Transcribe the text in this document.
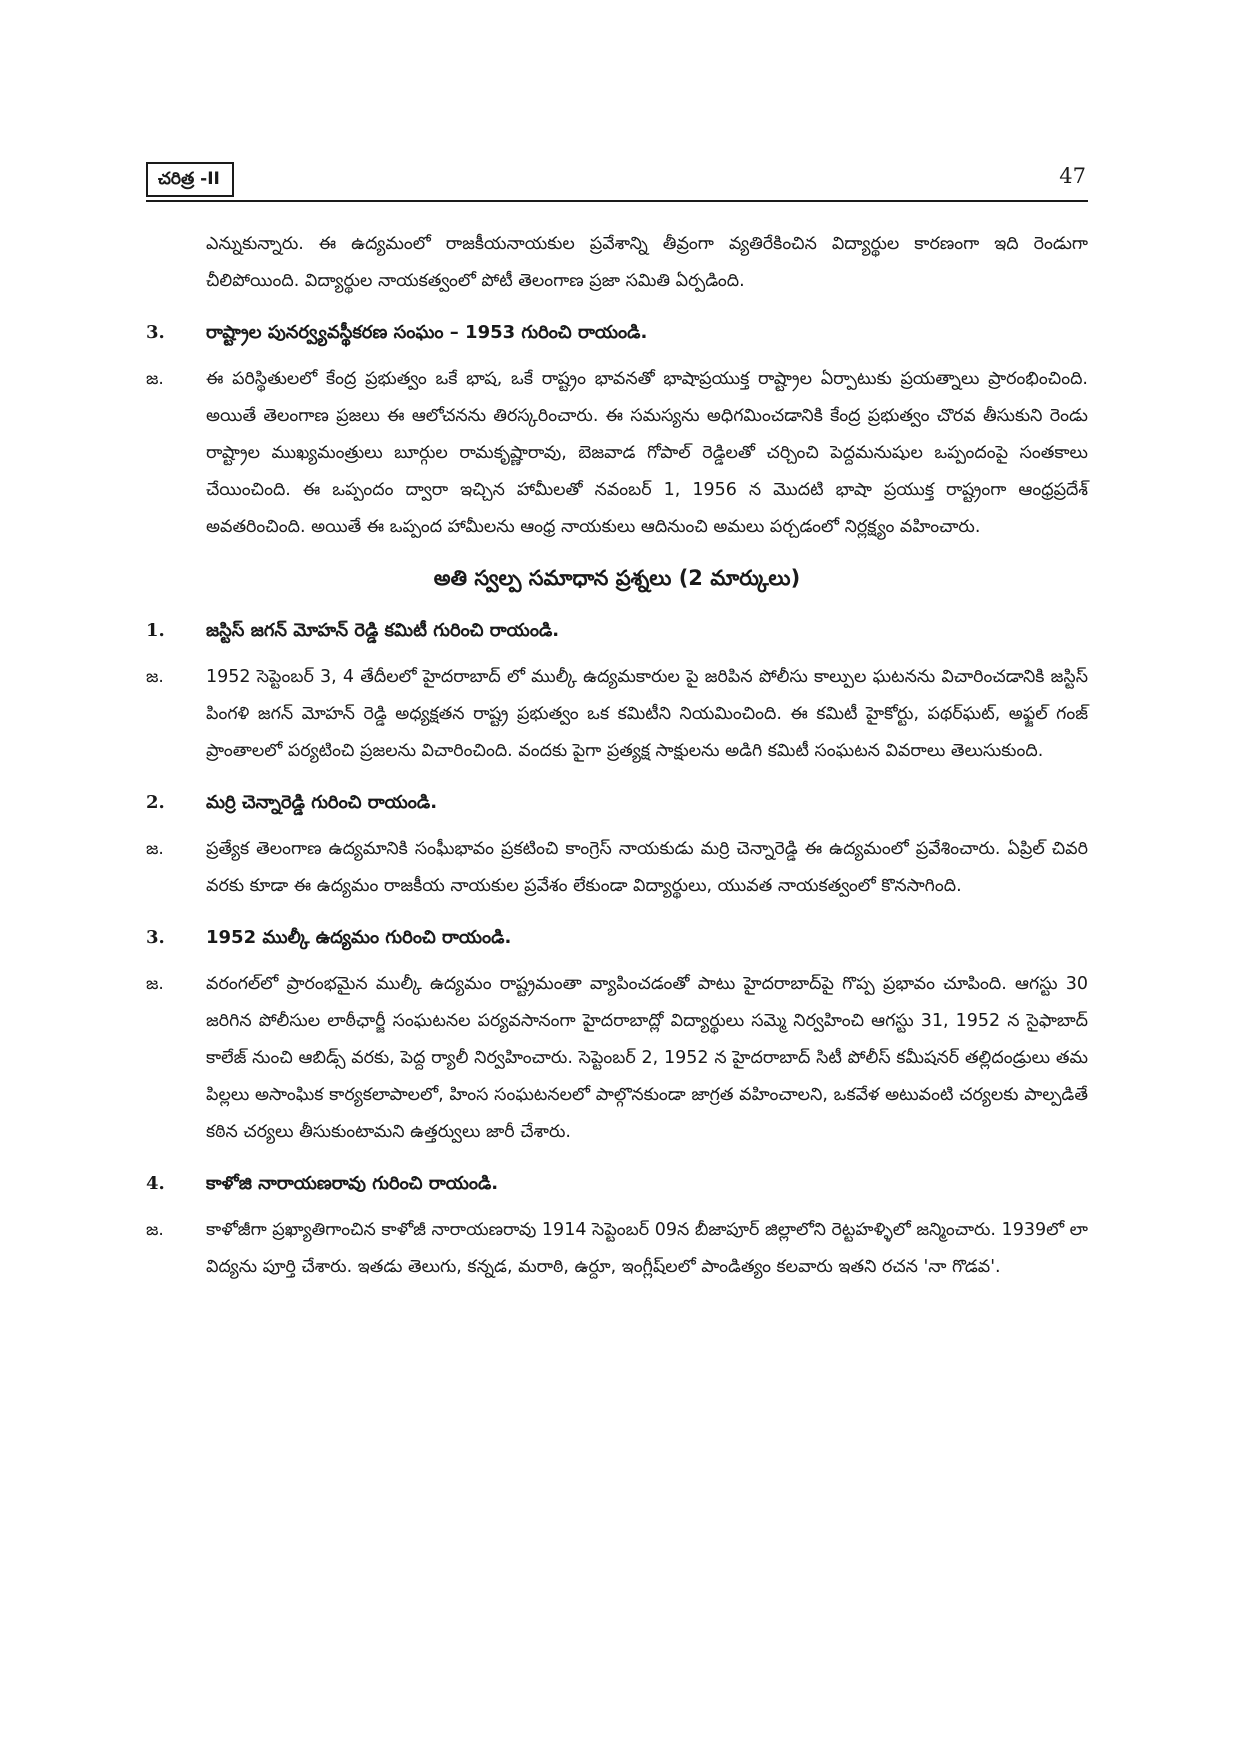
చరిత్ర -II	47

ఎన్నుకున్నారు. ఈ ఉద్యమంలో రాజకీయనాయకుల ప్రవేశాన్ని తీవ్రంగా వ్యతిరేకించిన విద్యార్థుల కారణంగా ఇది రెండుగా చీలిపోయింది. విద్యార్థుల నాయకత్వంలో పోటీ తెలంగాణ ప్రజా సమితి ఏర్పడింది.

3. రాష్ట్రాల పునర్వ్యవస్థీకరణ సంఘం – 1953 గురించి రాయండి.
జ. ఈ పరిస్థితులలో కేంద్ర ప్రభుత్వం ఒకే భాష, ఒకే రాష్ట్రం భావనతో భాషాప్రయుక్త రాష్ట్రాల ఏర్పాటుకు ప్రయత్నాలు ప్రారంభించింది. అయితే తెలంగాణ ప్రజలు ఈ ఆలోచనను తిరస్కరించారు. ఈ సమస్యను అధిగమించడానికి కేంద్ర ప్రభుత్వం చొరవ తీసుకుని రెండు రాష్ట్రాల ముఖ్యమంత్రులు బూర్గుల రామకృష్ణారావు, బెజవాడ గోపాల్ రెడ్డిలతో చర్చించి పెద్దమనుషుల ఒప్పందంపై సంతకాలు చేయించింది. ఈ ఒప్పందం ద్వారా ఇచ్చిన హామీలతో నవంబర్ 1, 1956 న మొదటి భాషా ప్రయుక్త రాష్ట్రంగా ఆంధ్రప్రదేశ్ అవతరించింది. అయితే ఈ ఒప్పంద హామీలను ఆంధ్ర నాయకులు ఆదినుంచి అమలు పర్చడంలో నిర్లక్ష్యం వహించారు.
అతి స్వల్ప సమాధాన ప్రశ్నలు (2 మార్కులు)
1. జస్టిస్ జగన్ మోహన్ రెడ్డి కమిటీ గురించి రాయండి.
జ. 1952 సెప్టెంబర్ 3, 4 తేదీలలో హైదరాబాద్ లో ముల్కీ ఉద్యమకారుల పై జరిపిన పోలీసు కాల్పుల ఘటనను విచారించడానికి జస్టిస్ పింగళి జగన్ మోహన్ రెడ్డి అధ్యక్షతన రాష్ట్ర ప్రభుత్వం ఒక కమిటీని నియమించింది. ఈ కమిటీ హైకోర్టు, పథర్‌ఘట్, అఫ్జల్ గంజ్ ప్రాంతాలలో పర్యటించి ప్రజలను విచారించింది. వందకు పైగా ప్రత్యక్ష సాక్షులను అడిగి కమిటీ సంఘటన వివరాలు తెలుసుకుంది.
2. మర్రి చెన్నారెడ్డి గురించి రాయండి.
జ. ప్రత్యేక తెలంగాణ ఉద్యమానికి సంఘీభావం ప్రకటించి కాంగ్రెస్ నాయకుడు మర్రి చెన్నారెడ్డి ఈ ఉద్యమంలో ప్రవేశించారు. ఏప్రిల్ చివరి వరకు కూడా ఈ ఉద్యమం రాజకీయ నాయకుల ప్రవేశం లేకుండా విద్యార్థులు, యువత నాయకత్వంలో కొనసాగింది.
3. 1952 ముల్కీ ఉద్యమం గురించి రాయండి.
జ. వరంగల్‌లో ప్రారంభమైన ముల్కీ ఉద్యమం రాష్ట్రమంతా వ్యాపించడంతో పాటు హైదరాబాద్‌పై గొప్ప ప్రభావం చూపింది. ఆగస్టు 30 జరిగిన పోలీసుల లాఠీఛార్జీ సంఘటనల పర్యవసానంగా హైదరాబాద్లో విద్యార్థులు సమ్మె నిర్వహించి ఆగస్టు 31, 1952 న సైఫాబాద్ కాలేజ్ నుంచి ఆబిడ్స్ వరకు, పెద్ద ర్యాలీ నిర్వహించారు. సెప్టెంబర్ 2, 1952 న హైదరాబాద్ సిటీ పోలీస్ కమీషనర్ తల్లిదండ్రులు తమ పిల్లలు అసాంఘిక కార్యకలాపాలలో, హింస సంఘటనలలో పాల్గొనకుండా జాగ్రత వహించాలని, ఒకవేళ అటువంటి చర్యలకు పాల్పడితే కఠిన చర్యలు తీసుకుంటామని ఉత్తర్వులు జారీ చేశారు.
4. కాళోజి నారాయణరావు గురించి రాయండి.
జ. కాళోజీగా ప్రఖ్యాతిగాంచిన కాళోజీ నారాయణరావు 1914 సెప్టెంబర్ 09న బీజాపూర్ జిల్లాలోని రెట్టహళ్ళిలో జన్మించారు. 1939లో లా విద్యను పూర్తి చేశారు. ఇతడు తెలుగు, కన్నడ, మరాఠి, ఉర్దూ, ఇంగ్లీష్‌లలో పాండిత్యం కలవారు ఇతని రచన 'నా గొడవ'.
